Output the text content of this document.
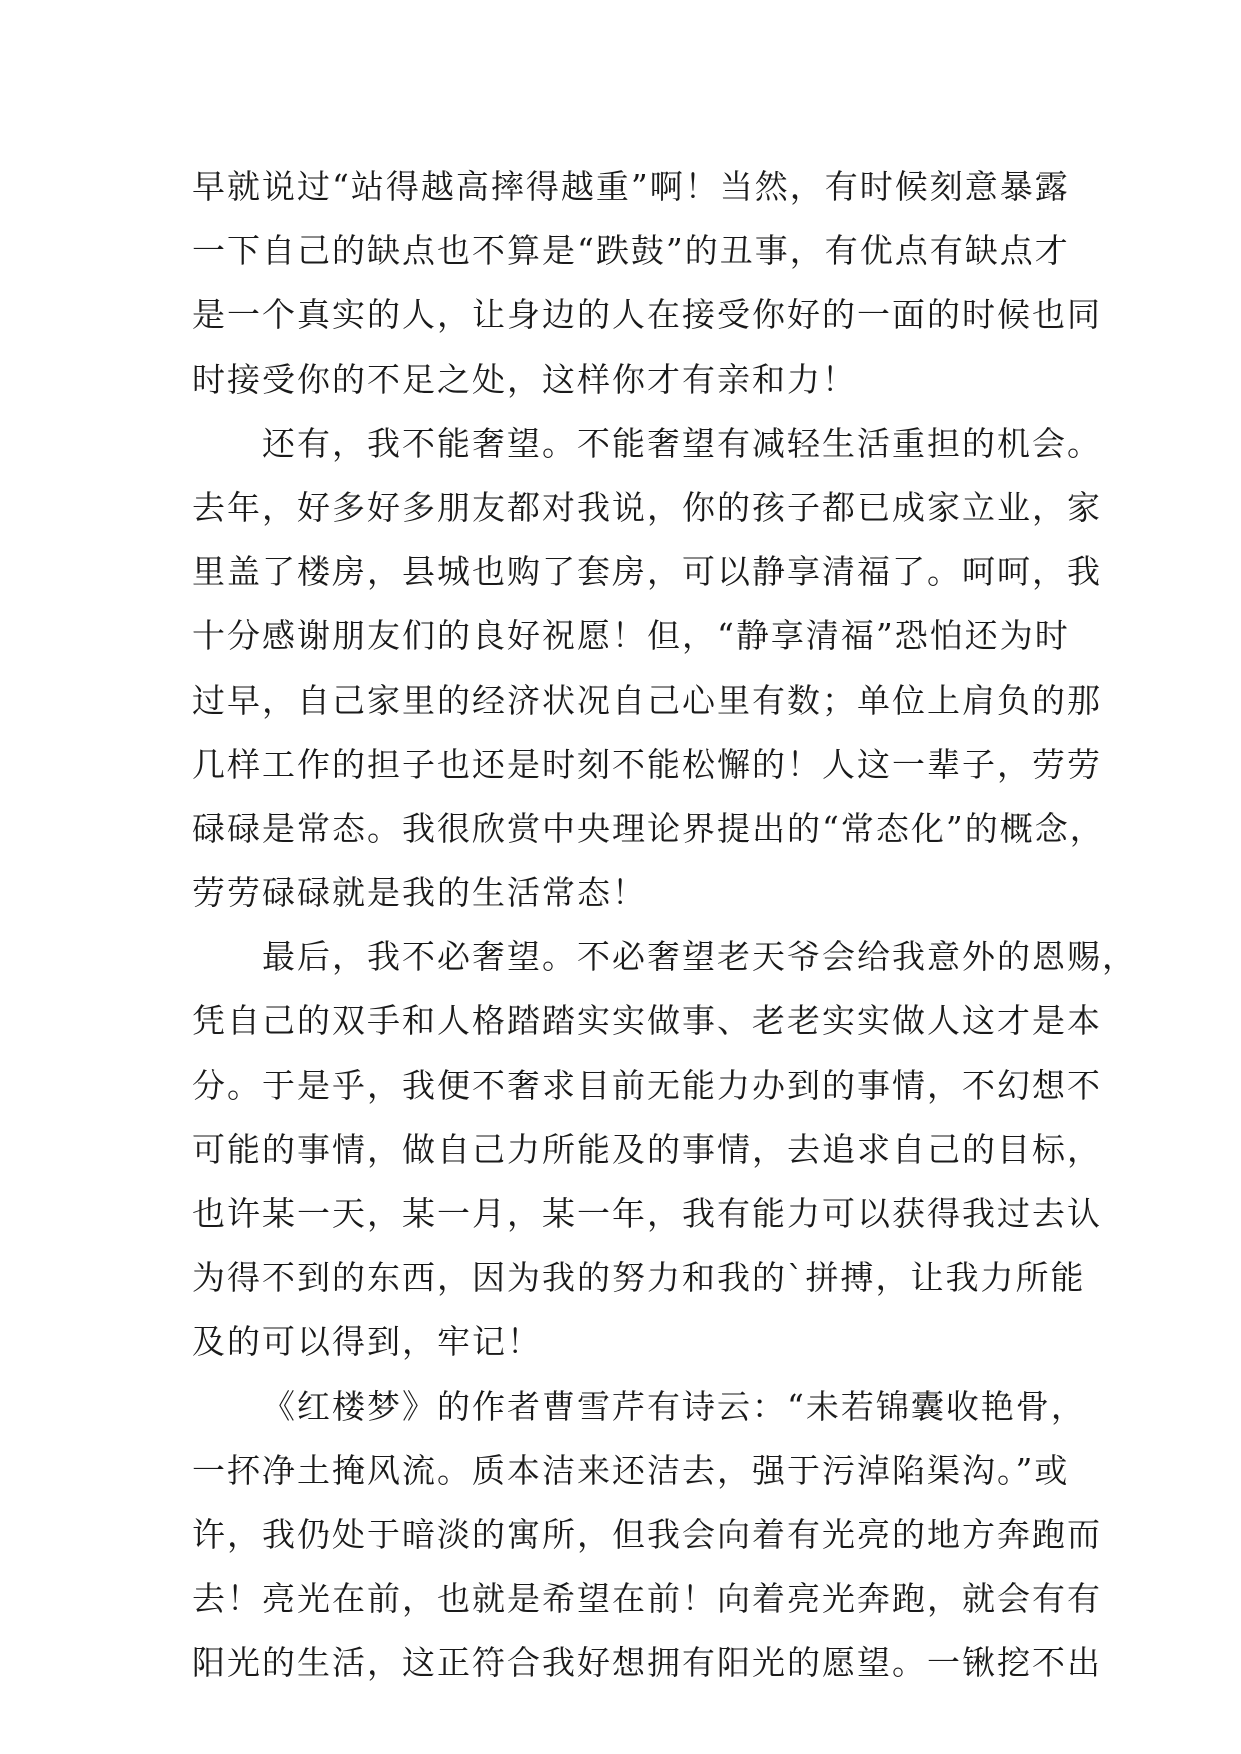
早就说过“站得越高摔得越重”啊！当然，有时候刻意暴露
一下自己的缺点也不算是“跌鼓”的丑事，有优点有缺点才
是一个真实的人，让身边的人在接受你好的一面的时候也同
时接受你的不足之处，这样你才有亲和力！
还有，我不能奢望。不能奢望有减轻生活重担的机会。
去年，好多好多朋友都对我说，你的孩子都已成家立业，家
里盖了楼房，县城也购了套房，可以静享清福了。呵呵，我
十分感谢朋友们的良好祝愿！但，“静享清福”恐怕还为时
过早，自己家里的经济状况自己心里有数；单位上肩负的那
几样工作的担子也还是时刻不能松懈的！人这一辈子，劳劳
碌碌是常态。我很欣赏中央理论界提出的“常态化”的概念，
劳劳碌碌就是我的生活常态！
最后，我不必奢望。不必奢望老天爷会给我意外的恩赐，
凭自己的双手和人格踏踏实实做事、老老实实做人这才是本
分。于是乎，我便不奢求目前无能力办到的事情，不幻想不
可能的事情，做自己力所能及的事情，去追求自己的目标，
也许某一天，某一月，某一年，我有能力可以获得我过去认
为得不到的东西，因为我的努力和我的`拼搏，让我力所能
及的可以得到，牢记！
《红楼梦》的作者曹雪芹有诗云：“未若锦囊收艳骨，
一抔净土掩风流。质本洁来还洁去，强于污淖陷渠沟。”或
许，我仍处于暗淡的寓所，但我会向着有光亮的地方奔跑而
去！亮光在前，也就是希望在前！向着亮光奔跑，就会有有
阳光的生活，这正符合我好想拥有阳光的愿望。一锹挖不出
